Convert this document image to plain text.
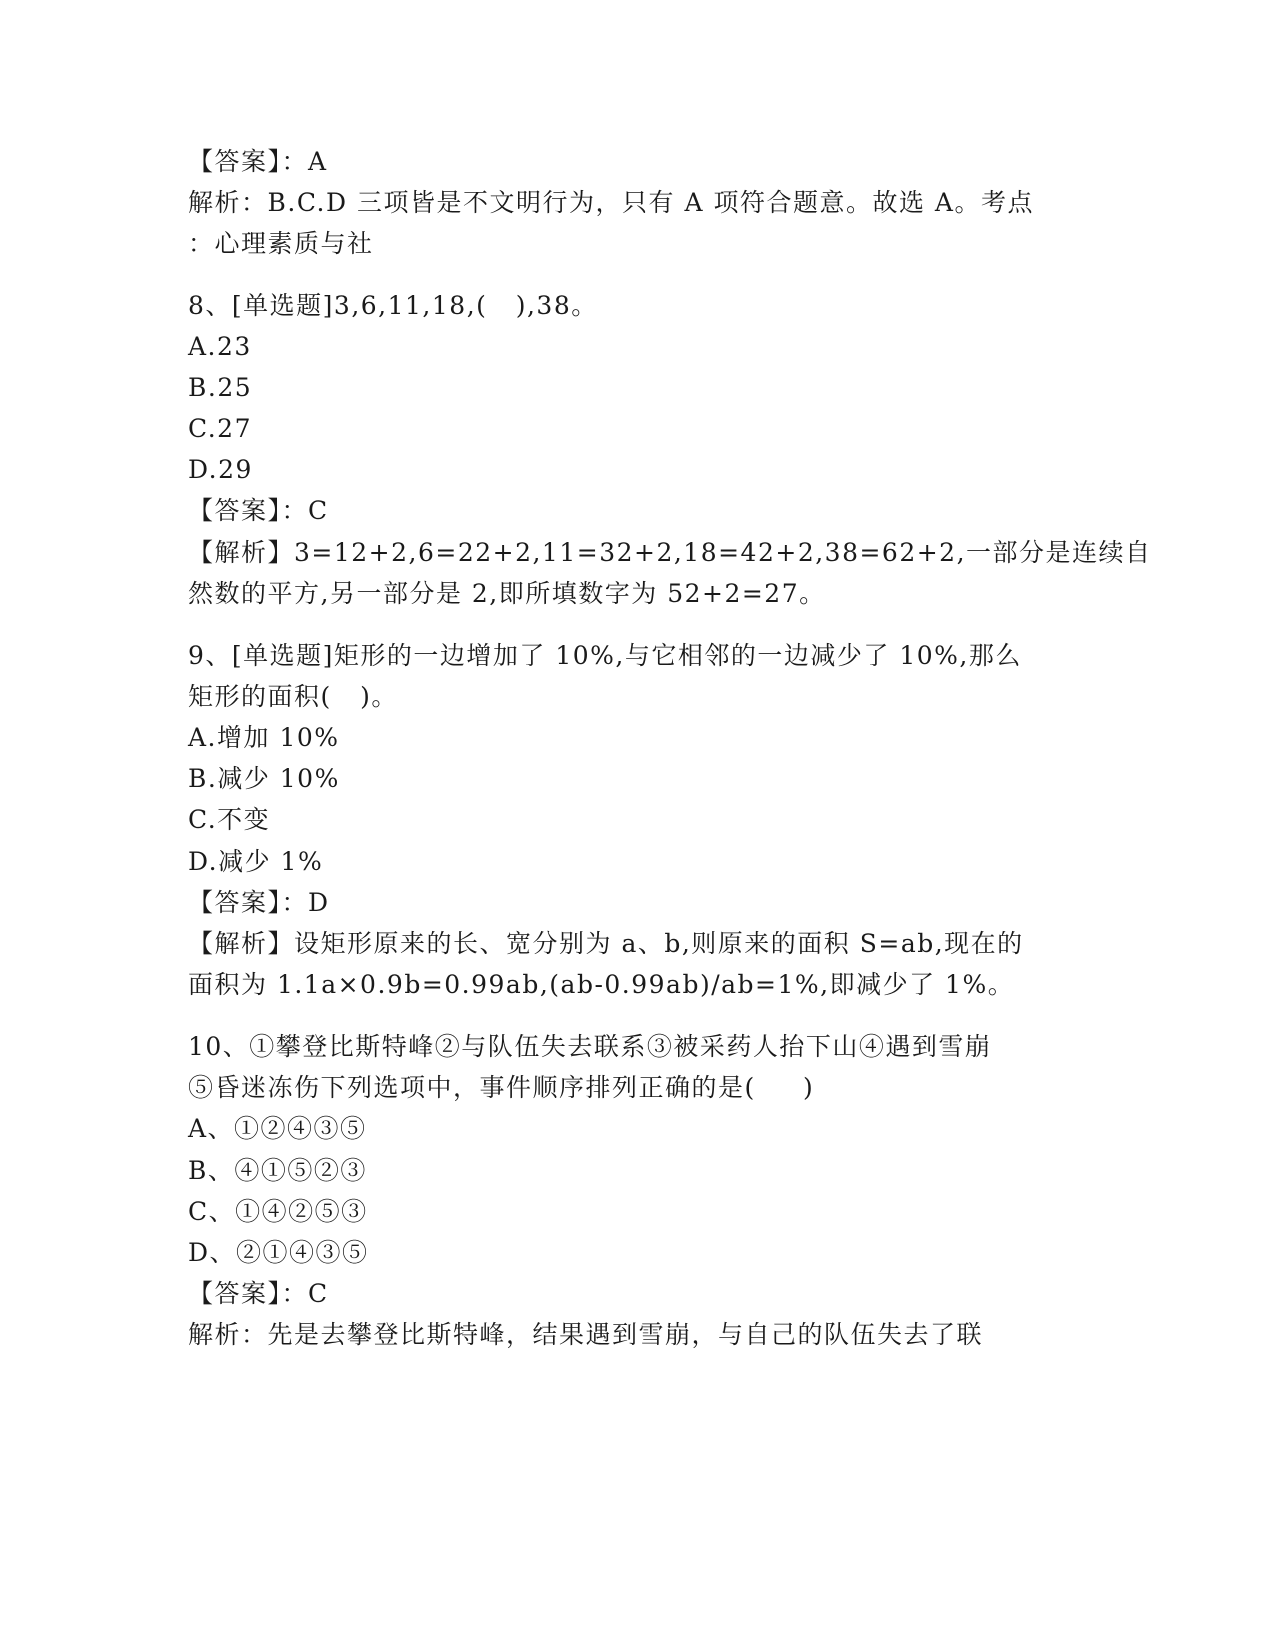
【答案】：A
解析：B.C.D 三项皆是不文明行为，只有 A 项符合题意。故选 A。考点
：心理素质与社
8、[单选题]3,6,11,18,(   ),38。
A.23
B.25
C.27
D.29
【答案】：C
【解析】3=12+2,6=22+2,11=32+2,18=42+2,38=62+2,一部分是连续自
然数的平方,另一部分是 2,即所填数字为 52+2=27。
9、[单选题]矩形的一边增加了 10%,与它相邻的一边减少了 10%,那么
矩形的面积(   )。
A.增加 10%
B.减少 10%
C.不变
D.减少 1%
【答案】：D
【解析】设矩形原来的长、宽分别为 a、b,则原来的面积 S=ab,现在的
面积为 1.1a×0.9b=0.99ab,(ab-0.99ab)/ab=1%,即减少了 1%。
10、①攀登比斯特峰②与队伍失去联系③被采药人抬下山④遇到雪崩
⑤昏迷冻伤下列选项中，事件顺序排列正确的是(     )
A、①②④③⑤
B、④①⑤②③
C、①④②⑤③
D、②①④③⑤
【答案】：C
解析：先是去攀登比斯特峰，结果遇到雪崩，与自己的队伍失去了联
